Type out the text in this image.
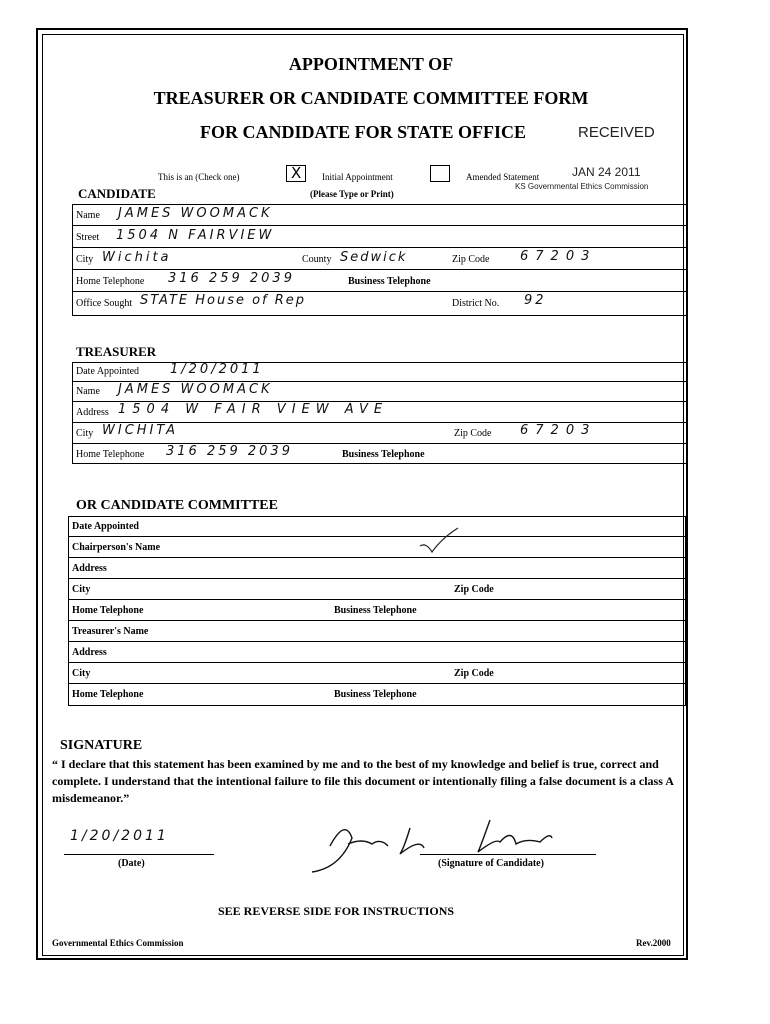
APPOINTMENT OF
TREASURER OR CANDIDATE COMMITTEE FORM
FOR CANDIDATE FOR STATE OFFICE	RECEIVED
JAN 24 2011
KS Governmental Ethics Commission
This is an (Check one)	X Initial Appointment	Amended Statement
(Please Type or Print)
CANDIDATE
Name JAMES WOOMACK
Street 1504 N FAIRVIEW
City Wichita	County Sedwick	Zip Code 67203
Home Telephone 316 259 2039	Business Telephone
Office Sought STATE House of Rep	District No. 92
TREASURER
Date Appointed 1/20/2011
Name JAMES WOOMACK
Address 1504 W FAIR VIEW AVE
City WICHITA	Zip Code 67203
Home Telephone 316 259 2039	Business Telephone
OR CANDIDATE COMMITTEE
Date Appointed
Chairperson's Name
Address
City	Zip Code
Home Telephone	Business Telephone
Treasurer's Name
Address
City	Zip Code
Home Telephone	Business Telephone
SIGNATURE
“ I declare that this statement has been examined by me and to the best of my knowledge and belief is true, correct and complete. I understand that the intentional failure to file this document or intentionally filing a false document is a class A misdemeanor.”
1/20/2011
(Date)	(Signature of Candidate)
SEE REVERSE SIDE FOR INSTRUCTIONS
Governmental Ethics Commission	Rev.2000
